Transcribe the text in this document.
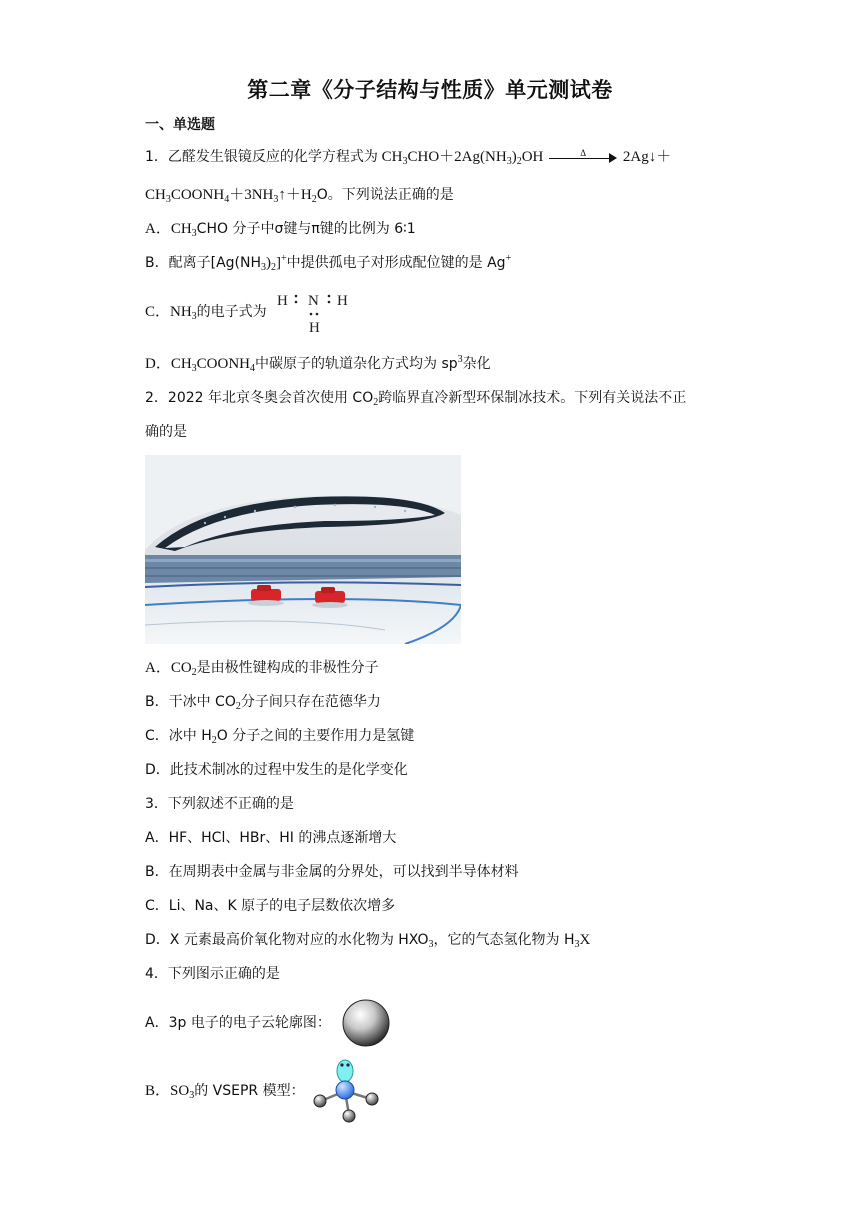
第二章《分子结构与性质》单元测试卷
一、单选题
1．乙醛发生银镜反应的化学方程式为 $CH_3CHO+2Ag(NH_3)_2OH$	Δ	2Ag↓＋
$CH_3COONH_4+3NH_3↑+H_2O$。下列说法正确的是
A．$CH_3CHO$ 分子中σ键与π键的比例为 6∶1
B．配离子$[Ag(NH_3)_2]^+$中提供孤电子对形成配位键的是 Ag+
C．$NH_3$的电子式为
H N H
H
D．$CH_3COONH_4$中碳原子的轨道杂化方式均为 $sp^3$杂化
2．2022 年北京冬奥会首次使用 $CO_2$跨临界直冷新型环保制冰技术。下列有关说法不正
确的是
A．$CO_2$是由极性键构成的非极性分子
B．干冰中 $CO_2$分子间只存在范德华力
C．冰中 $H_2O$ 分子之间的主要作用力是氢键
D．此技术制冰的过程中发生的是化学变化
3．下列叙述不正确的是
A．HF、HCl、HBr、HI 的沸点逐渐增大
B．在周期表中金属与非金属的分界处，可以找到半导体材料
C．Li、Na、K 原子的电子层数依次增多
D．X 元素最高价氧化物对应的水化物为 $HXO_3$，它的气态氢化物为 $H_3X$
4．下列图示正确的是
A．3p 电子的电子云轮廓图：
B．$SO_3$的 VSEPR 模型：
